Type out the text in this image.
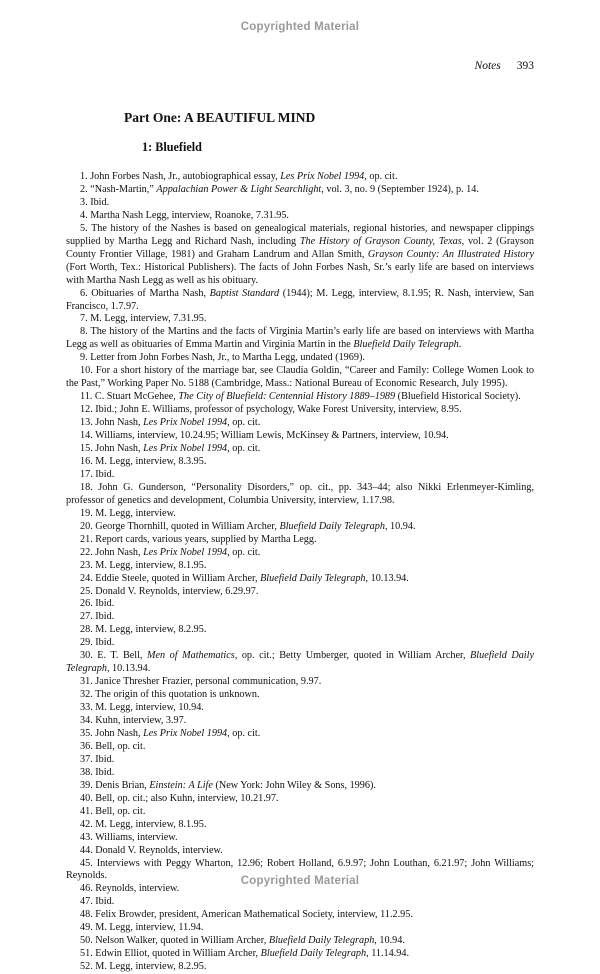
Copyrighted Material

Notes 393

Part One: A BEAUTIFUL MIND
1: Bluefield

1. John Forbes Nash, Jr., autobiographical essay, Les Prix Nobel 1994, op. cit.

2. “Nash-Martin,” Appalachian Power & Light Searchlight, vol. 3, no. 9 (September 1924), p. 14.

3. Ibid.

4. Martha Nash Legg, interview, Roanoke, 7.31.95.

5. The history of the Nashes is based on genealogical materials, regional histories, and newspaper clippings supplied by Martha Legg and Richard Nash, including The History of Grayson County, Texas, vol. 2 (Grayson County Frontier Village, 1981) and Graham Landrum and Allan Smith, Grayson County: An Illustrated History (Fort Worth, Tex.: Historical Publishers). The facts of John Forbes Nash, Sr.’s early life are based on interviews with Martha Nash Legg as well as his obituary.

6. Obituaries of Martha Nash, Baptist Standard (1944); M. Legg, interview, 8.1.95; R. Nash, interview, San Francisco, 1.7.97.

7. M. Legg, interview, 7.31.95.

8. The history of the Martins and the facts of Virginia Martin’s early life are based on interviews with Martha Legg as well as obituaries of Emma Martin and Virginia Martin in the Bluefield Daily Telegraph.

9. Letter from John Forbes Nash, Jr., to Martha Legg, undated (1969).

10. For a short history of the marriage bar, see Claudia Goldin, “Career and Family: College Women Look to the Past,” Working Paper No. 5188 (Cambridge, Mass.: National Bureau of Economic Research, July 1995).

11. C. Stuart McGehee, The City of Bluefield: Centennial History 1889–1989 (Bluefield Historical Society).

12. Ibid.; John E. Williams, professor of psychology, Wake Forest University, interview, 8.95.

13. John Nash, Les Prix Nobel 1994, op. cit.

14. Williams, interview, 10.24.95; William Lewis, McKinsey & Partners, interview, 10.94.

15. John Nash, Les Prix Nobel 1994, op. cit.

16. M. Legg, interview, 8.3.95.

17. Ibid.

18. John G. Gunderson, “Personality Disorders,” op. cit., pp. 343–44; also Nikki Erlenmeyer-Kimling, professor of genetics and development, Columbia University, interview, 1.17.98.

19. M. Legg, interview.

20. George Thornhill, quoted in William Archer, Bluefield Daily Telegraph, 10.94.

21. Report cards, various years, supplied by Martha Legg.

22. John Nash, Les Prix Nobel 1994, op. cit.

23. M. Legg, interview, 8.1.95.

24. Eddie Steele, quoted in William Archer, Bluefield Daily Telegraph, 10.13.94.

25. Donald V. Reynolds, interview, 6.29.97.

26. Ibid.

27. Ibid.

28. M. Legg, interview, 8.2.95.

29. Ibid.

30. E. T. Bell, Men of Mathematics, op. cit.; Betty Umberger, quoted in William Archer, Bluefield Daily Telegraph, 10.13.94.

31. Janice Thresher Frazier, personal communication, 9.97.

32. The origin of this quotation is unknown.

33. M. Legg, interview, 10.94.

34. Kuhn, interview, 3.97.

35. John Nash, Les Prix Nobel 1994, op. cit.

36. Bell, op. cit.

37. Ibid.

38. Ibid.

39. Denis Brian, Einstein: A Life (New York: John Wiley & Sons, 1996).

40. Bell, op. cit.; also Kuhn, interview, 10.21.97.

41. Bell, op. cit.

42. M. Legg, interview, 8.1.95.

43. Williams, interview.

44. Donald V. Reynolds, interview.

45. Interviews with Peggy Wharton, 12.96; Robert Holland, 6.9.97; John Louthan, 6.21.97; John Williams; Reynolds.

46. Reynolds, interview.

47. Ibid.

48. Felix Browder, president, American Mathematical Society, interview, 11.2.95.

49. M. Legg, interview, 11.94.

50. Nelson Walker, quoted in William Archer, Bluefield Daily Telegraph, 10.94.

51. Edwin Elliot, quoted in William Archer, Bluefield Daily Telegraph, 11.14.94.

52. M. Legg, interview, 8.2.95.

Copyrighted Material
